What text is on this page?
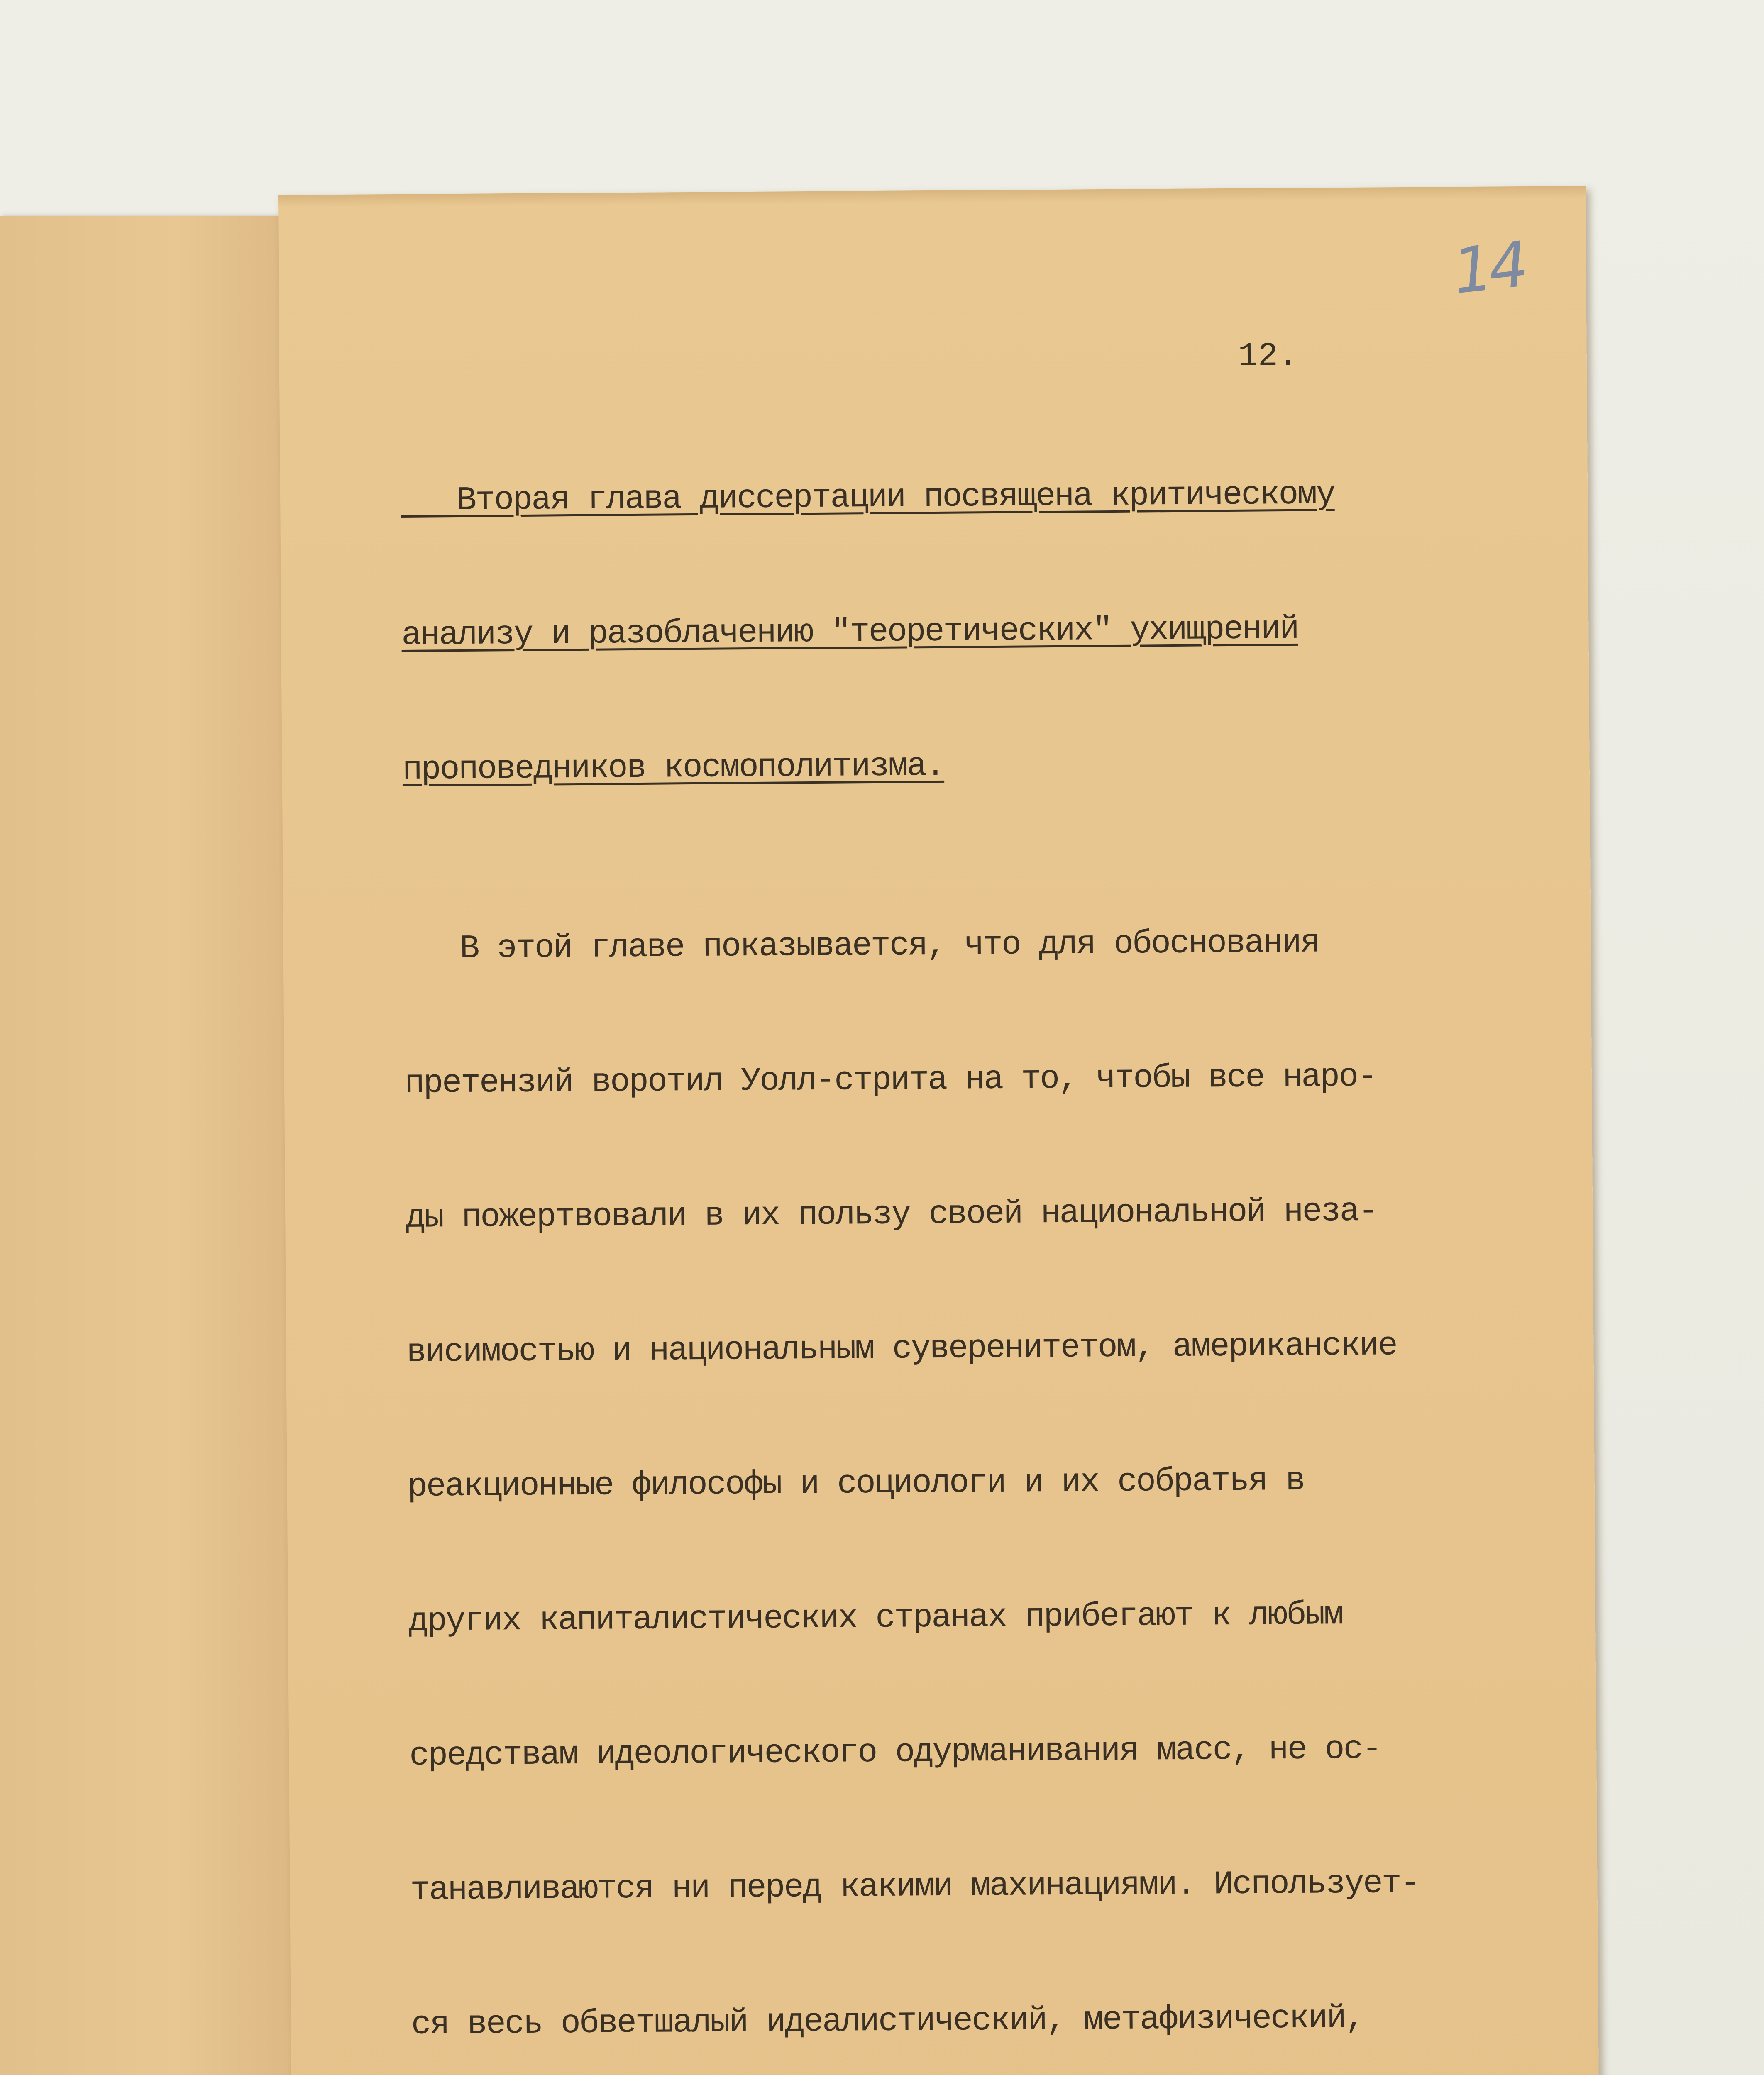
14
12.

Вторая глава диссертации посвящена критическому

анализу и разоблачению "теоретических" ухищрений

проповедников космополитизма.

В этой главе показывается, что для обоснования

претензий воротил Уолл-стрита на то, чтобы все наро-

ды пожертвовали в их пользу своей национальной неза-

висимостью и национальным суверенитетом, американские

реакционные философы и социологи и их собратья в

других капиталистических странах прибегают к любым

средствам идеологического одурманивания масс, не ос-

танавливаются ни перед какими махинациями. Использует-

ся весь обветшалый идеалистический, метафизический,
